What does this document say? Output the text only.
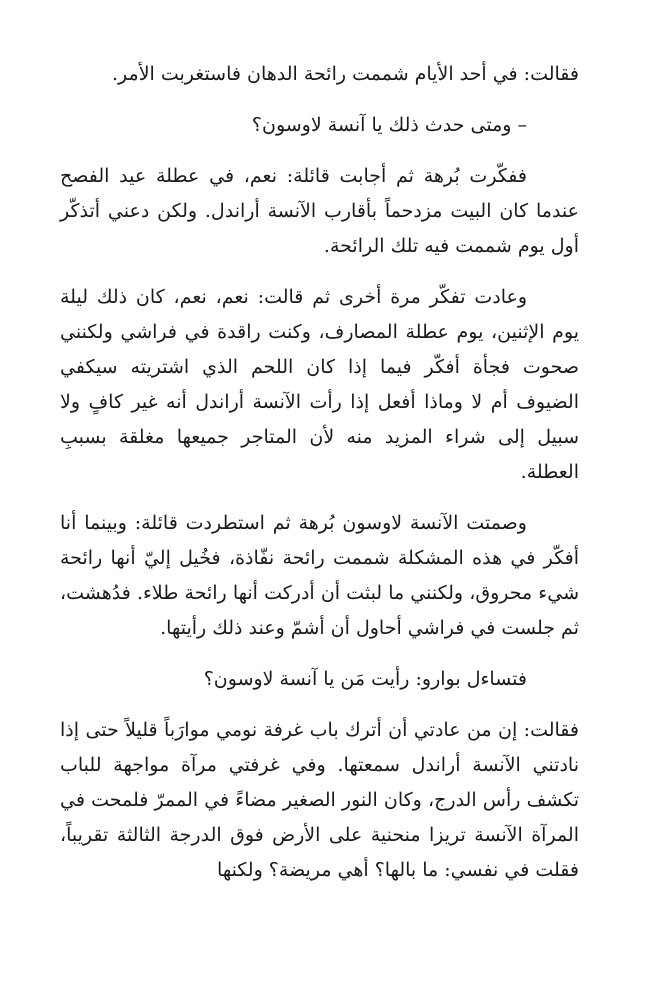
فقالت: في أحد الأيام شممت رائحة الدهان فاستغربت الأمر.

– ومتى حدث ذلك يا آنسة لاوسون؟

ففكّرت بُرهة ثم أجابت قائلة: نعم، في عطلة عيد الفصح عندما كان البيت مزدحماً بأقارب الآنسة أراندل. ولكن دعني أتذكّر أول يوم شممت فيه تلك الرائحة.

وعادت تفكّر مرة أخرى ثم قالت: نعم، نعم، كان ذلك ليلة يوم الإثنين، يوم عطلة المصارف، وكنت راقدة في فراشي ولكنني صحوت فجأة أفكّر فيما إذا كان اللحم الذي اشتريته سيكفي الضيوف أم لا وماذا أفعل إذا رأت الآنسة أراندل أنه غير كافٍ ولا سبيل إلى شراء المزيد منه لأن المتاجر جميعها مغلقة بسببِ العطلة.

وصمتت الآنسة لاوسون بُرهة ثم استطردت قائلة: وبينما أنا أفكّر في هذه المشكلة شممت رائحة نفّاذة، فخُيل إليّ أنها رائحة شيء محروق، ولكنني ما لبثت أن أدركت أنها رائحة طلاء. فدُهشت، ثم جلست في فراشي أحاول أن أشمّ وعند ذلك رأيتها.

فتساءل بوارو: رأيت مَن يا آنسة لاوسون؟

فقالت: إن من عادتي أن أترك باب غرفة نومي موارَباً قليلاً حتى إذا نادتني الآنسة أراندل سمعتها. وفي غرفتي مرآة مواجهة للباب تكشف رأس الدرج، وكان النور الصغير مضاءً في الممرّ فلمحت في المرآة الآنسة تريزا منحنية على الأرض فوق الدرجة الثالثة تقريباً، فقلت في نفسي: ما بالها؟ أهي مريضة؟ ولكنها
